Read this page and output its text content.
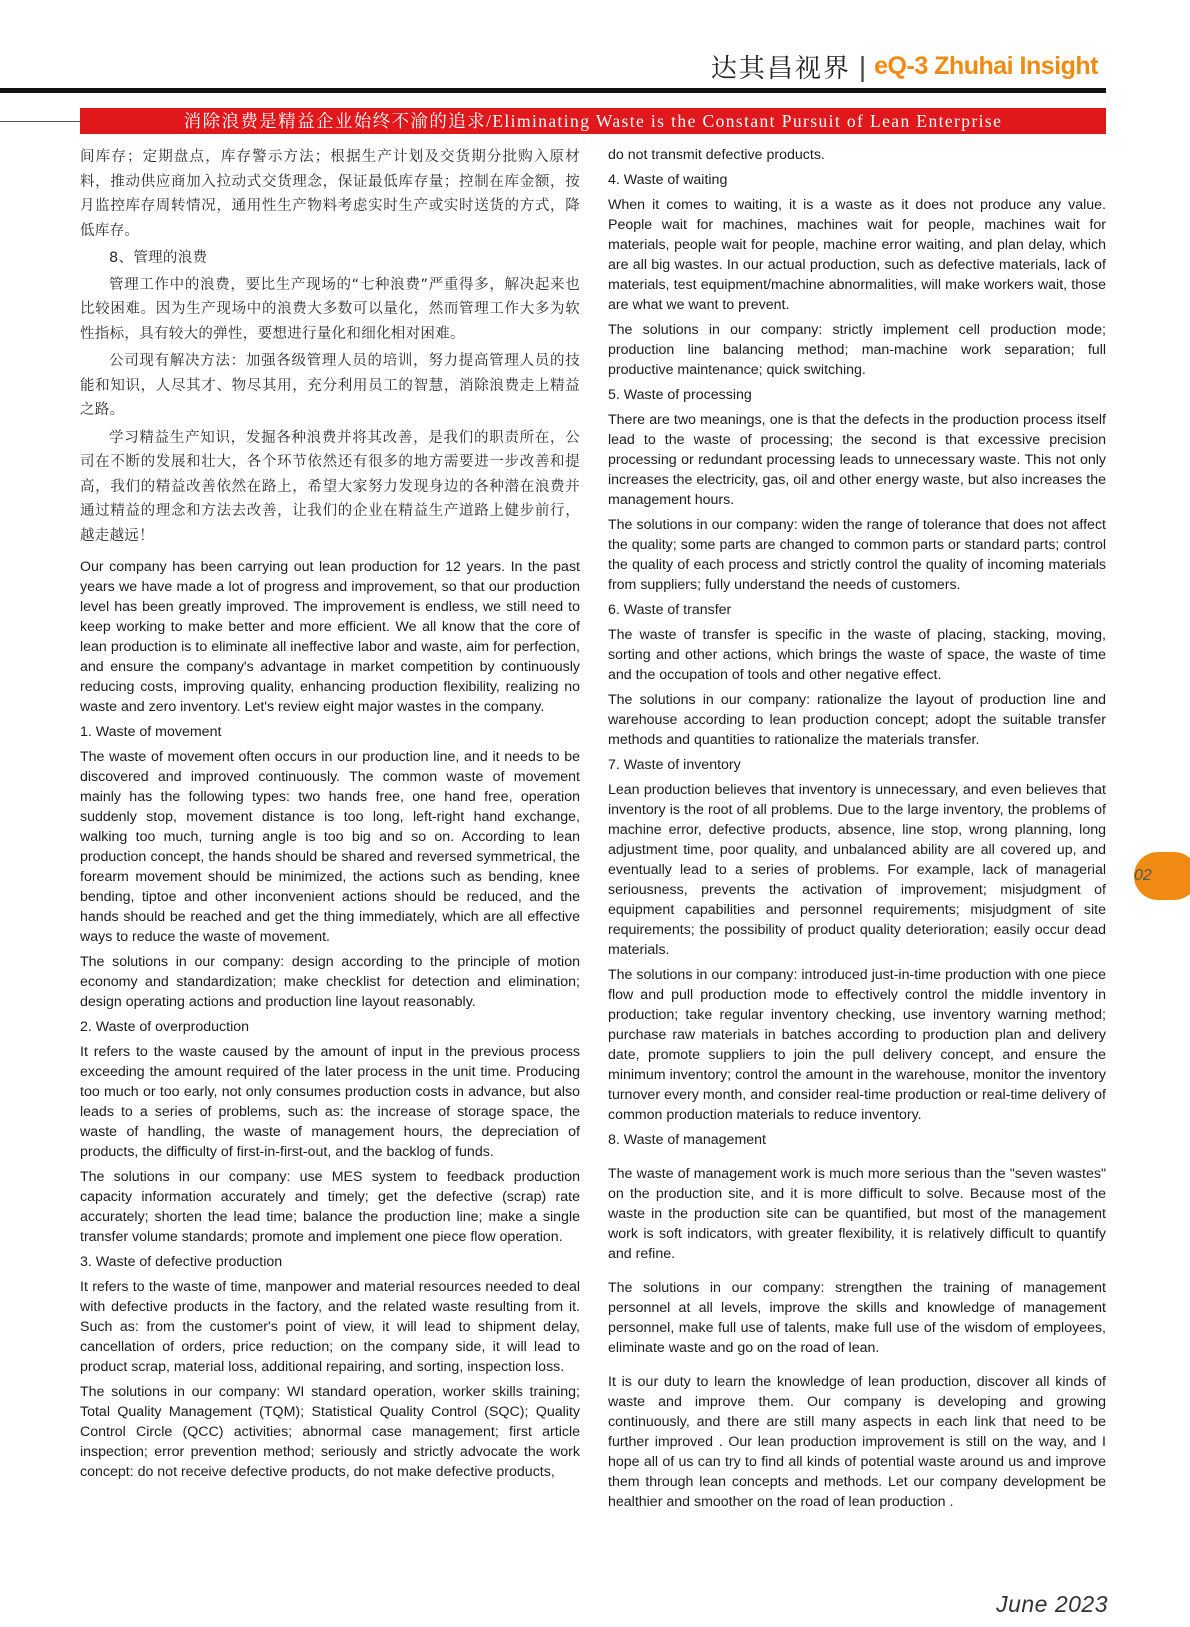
达其昌视界 | eQ-3 Zhuhai Insight
消除浪费是精益企业始终不渝的追求/Eliminating Waste is the Constant Pursuit of Lean Enterprise

间库存；定期盘点，库存警示方法；根据生产计划及交货期分批购入原材料，推动供应商加入拉动式交货理念，保证最低库存量；控制在库金额，按月监控库存周转情况，通用性生产物料考虑实时生产或实时送货的方式，降低库存。

8、管理的浪费

管理工作中的浪费，要比生产现场的“七种浪费”严重得多，解决起来也比较困难。因为生产现场中的浪费大多数可以量化，然而管理工作大多为软性指标，具有较大的弹性，要想进行量化和细化相对困难。

公司现有解决方法：加强各级管理人员的培训，努力提高管理人员的技能和知识，人尽其才、物尽其用，充分利用员工的智慧，消除浪费走上精益之路。

学习精益生产知识，发掘各种浪费并将其改善，是我们的职责所在，公司在不断的发展和壮大，各个环节依然还有很多的地方需要进一步改善和提高，我们的精益改善依然在路上，希望大家努力发现身边的各种潜在浪费并通过精益的理念和方法去改善，让我们的企业在精益生产道路上健步前行，越走越远！

Our company has been carrying out lean production for 12 years. In the past years we have made a lot of progress and improvement, so that our production level has been greatly improved. The improvement is endless, we still need to keep working to make better and more efficient. We all know that the core of lean production is to eliminate all ineffective labor and waste, aim for perfection, and ensure the company's advantage in market competition by continuously reducing costs, improving quality, enhancing production flexibility, realizing no waste and zero inventory. Let's review eight major wastes in the company.

1. Waste of movement

The waste of movement often occurs in our production line, and it needs to be discovered and improved continuously. The common waste of movement mainly has the following types: two hands free, one hand free, operation suddenly stop, movement distance is too long, left-right hand exchange, walking too much, turning angle is too big and so on. According to lean production concept, the hands should be shared and reversed symmetrical, the forearm movement should be minimized, the actions such as bending, knee bending, tiptoe and other inconvenient actions should be reduced, and the hands should be reached and get the thing immediately, which are all effective ways to reduce the waste of movement.

The solutions in our company: design according to the principle of motion economy and standardization; make checklist for detection and elimination; design operating actions and production line layout reasonably.

2. Waste of overproduction

It refers to the waste caused by the amount of input in the previous process exceeding the amount required of the later process in the unit time. Producing too much or too early, not only consumes production costs in advance, but also leads to a series of problems, such as: the increase of storage space, the waste of handling, the waste of management hours, the depreciation of products, the difficulty of first-in-first-out, and the backlog of funds.

The solutions in our company: use MES system to feedback production capacity information accurately and timely; get the defective (scrap) rate accurately; shorten the lead time; balance the production line; make a single transfer volume standards; promote and implement one piece flow operation.

3. Waste of defective production

It refers to the waste of time, manpower and material resources needed to deal with defective products in the factory, and the related waste resulting from it. Such as: from the customer's point of view, it will lead to shipment delay, cancellation of orders, price reduction; on the company side, it will lead to product scrap, material loss, additional repairing, and sorting, inspection loss.

The solutions in our company: WI standard operation, worker skills training; Total Quality Management (TQM); Statistical Quality Control (SQC); Quality Control Circle (QCC) activities; abnormal case management; first article inspection; error prevention method; seriously and strictly advocate the work concept: do not receive defective products, do not make defective products,

do not transmit defective products.

4. Waste of waiting

When it comes to waiting, it is a waste as it does not produce any value. People wait for machines, machines wait for people, machines wait for materials, people wait for people, machine error waiting, and plan delay, which are all big wastes. In our actual production, such as defective materials, lack of materials, test equipment/machine abnormalities, will make workers wait, those are what we want to prevent.

The solutions in our company: strictly implement cell production mode; production line balancing method; man-machine work separation; full productive maintenance; quick switching.

5. Waste of processing

There are two meanings, one is that the defects in the production process itself lead to the waste of processing; the second is that excessive precision processing or redundant processing leads to unnecessary waste. This not only increases the electricity, gas, oil and other energy waste, but also increases the management hours.

The solutions in our company: widen the range of tolerance that does not affect the quality; some parts are changed to common parts or standard parts; control the quality of each process and strictly control the quality of incoming materials from suppliers; fully understand the needs of customers.

6. Waste of transfer

The waste of transfer is specific in the waste of placing, stacking, moving, sorting and other actions, which brings the waste of space, the waste of time and the occupation of tools and other negative effect.

The solutions in our company: rationalize the layout of production line and warehouse according to lean production concept; adopt the suitable transfer methods and quantities to rationalize the materials transfer.

7. Waste of inventory

Lean production believes that inventory is unnecessary, and even believes that inventory is the root of all problems. Due to the large inventory, the problems of machine error, defective products, absence, line stop, wrong planning, long adjustment time, poor quality, and unbalanced ability are all covered up, and eventually lead to a series of problems. For example, lack of managerial seriousness, prevents the activation of improvement; misjudgment of equipment capabilities and personnel requirements; misjudgment of site requirements; the possibility of product quality deterioration; easily occur dead materials.

The solutions in our company: introduced just-in-time production with one piece flow and pull production mode to effectively control the middle inventory in production; take regular inventory checking, use inventory warning method; purchase raw materials in batches according to production plan and delivery date, promote suppliers to join the pull delivery concept, and ensure the minimum inventory; control the amount in the warehouse, monitor the inventory turnover every month, and consider real-time production or real-time delivery of common production materials to reduce inventory.

8. Waste of management

The waste of management work is much more serious than the "seven wastes" on the production site, and it is more difficult to solve. Because most of the waste in the production site can be quantified, but most of the management work is soft indicators, with greater flexibility, it is relatively difficult to quantify and refine.

The solutions in our company: strengthen the training of management personnel at all levels, improve the skills and knowledge of management personnel, make full use of talents, make full use of the wisdom of employees, eliminate waste and go on the road of lean.

It is our duty to learn the knowledge of lean production, discover all kinds of waste and improve them. Our company is developing and growing continuously, and there are still many aspects in each link that need to be further improved . Our lean production improvement is still on the way, and I hope all of us can try to find all kinds of potential waste around us and improve them through lean concepts and methods. Let our company development be healthier and smoother on the road of lean production .

02
June 2023
